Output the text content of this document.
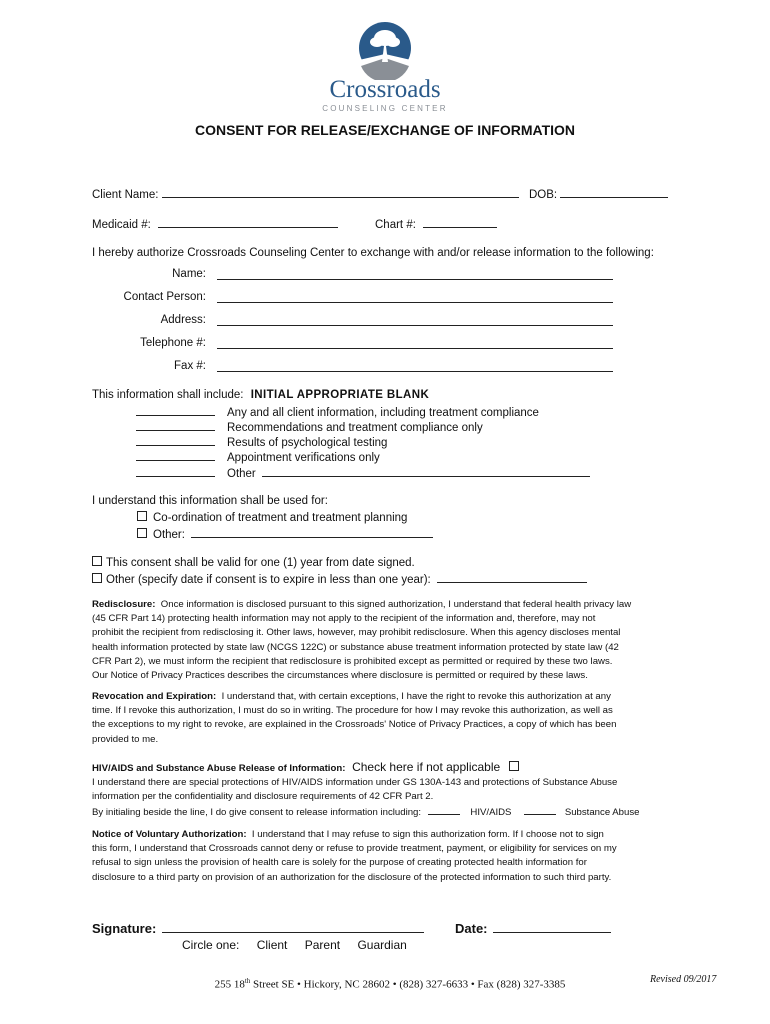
Crossroads
COUNSELING CENTER
CONSENT FOR RELEASE/EXCHANGE OF INFORMATION
Client Name:	DOB:
Medicaid #:	Chart #:
I hereby authorize Crossroads Counseling Center to exchange with and/or release information to the following:
Name:
Contact Person:
Address:
Telephone #:
Fax #:
This information shall include: INITIAL APPROPRIATE BLANK
Any and all client information, including treatment compliance
Recommendations and treatment compliance only
Results of psychological testing
Appointment verifications only
Other
I understand this information shall be used for:
Co-ordination of treatment and treatment planning
Other:
This consent shall be valid for one (1) year from date signed.
Other (specify date if consent is to expire in less than one year):
Redisclosure: Once information is disclosed pursuant to this signed authorization, I understand that federal health privacy law
(45 CFR Part 14) protecting health information may not apply to the recipient of the information and, therefore, may not
prohibit the recipient from redisclosing it. Other laws, however, may prohibit redisclosure. When this agency discloses mental
health information protected by state law (NCGS 122C) or substance abuse treatment information protected by state law (42
CFR Part 2), we must inform the recipient that redisclosure is prohibited except as permitted or required by these two laws.
Our Notice of Privacy Practices describes the circumstances where disclosure is permitted or required by these laws.
Revocation and Expiration: I understand that, with certain exceptions, I have the right to revoke this authorization at any
time. If I revoke this authorization, I must do so in writing. The procedure for how I may revoke this authorization, as well as
the exceptions to my right to revoke, are explained in the Crossroads' Notice of Privacy Practices, a copy of which has been
provided to me.
HIV/AIDS and Substance Abuse Release of Information: Check here if not applicable
I understand there are special protections of HIV/AIDS information under GS 130A-143 and protections of Substance Abuse
information per the confidentiality and disclosure requirements of 42 CFR Part 2.
By initialing beside the line, I do give consent to release information including:	HIV/AIDS	Substance Abuse
Notice of Voluntary Authorization: I understand that I may refuse to sign this authorization form. If I choose not to sign
this form, I understand that Crossroads cannot deny or refuse to provide treatment, payment, or eligibility for services on my
refusal to sign unless the provision of health care is solely for the purpose of creating protected health information for
disclosure to a third party on provision of an authorization for the disclosure of the protected information to such third party.
Signature:	Date:
Circle one: Client Parent Guardian
255 18th Street SE • Hickory, NC 28602 • (828) 327-6633 • Fax (828) 327-3385	Revised 09/2017
